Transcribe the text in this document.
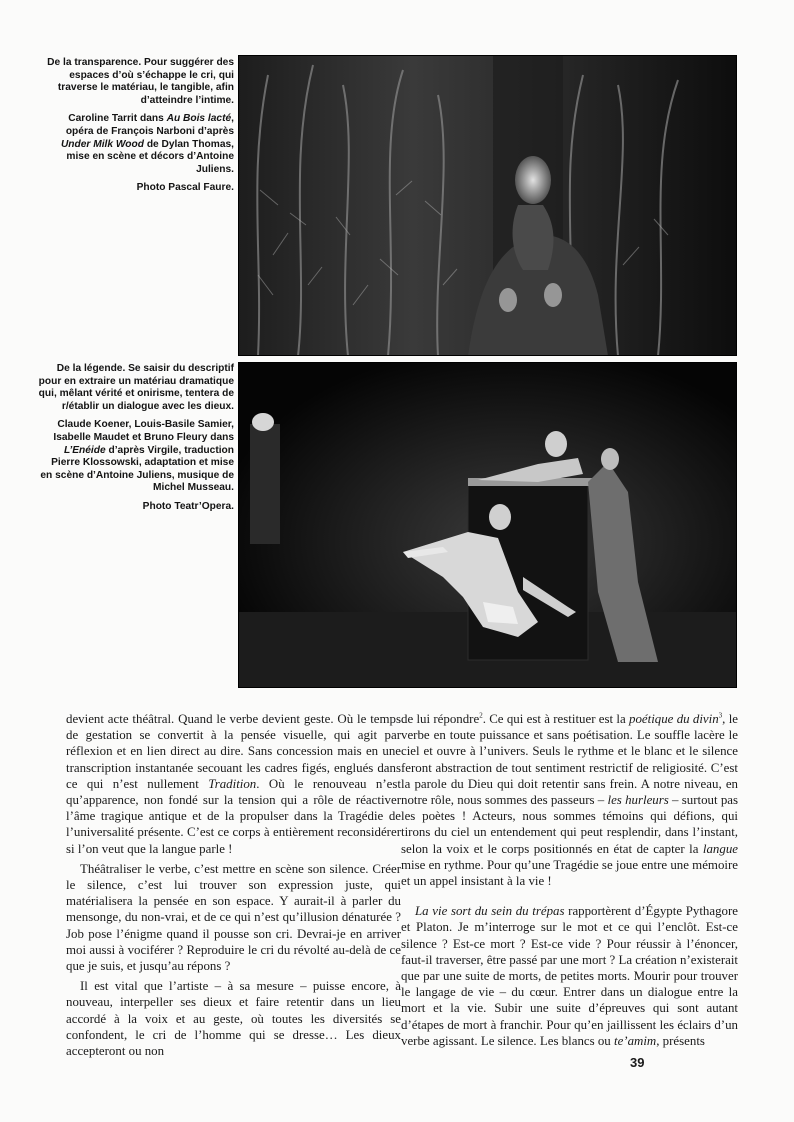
De la transparence. Pour suggérer des espaces d’où s’échappe le cri, qui traverse le matériau, le tangible, afin d’atteindre l’intime.

Caroline Tarrit dans Au Bois lacté, opéra de François Narboni d’après Under Milk Wood de Dylan Thomas, mise en scène et décors d’Antoine Juliens.

Photo Pascal Faure.

De la légende. Se saisir du descriptif pour en extraire un matériau dramatique qui, mêlant vérité et onirisme, tentera de r/établir un dialogue avec les dieux.

Claude Koener, Louis-Basile Samier, Isabelle Maudet et Bruno Fleury dans L’Enéide d’après Virgile, traduction Pierre Klossowski, adaptation et mise en scène d’Antoine Juliens, musique de Michel Musseau.

Photo Teatr’Opera.

devient acte théâtral. Quand le verbe devient geste. Où le temps de gestation se convertit à la pensée visuelle, qui agit par réflexion et en lien direct au dire. Sans concession mais en une transcription instantanée secouant les cadres figés, englués dans ce qui n’est nullement Tradition. Où le renouveau n’est qu’apparence, non fondé sur la tension qui a rôle de réactiver l’âme tragique antique et de la propulser dans la Tragédie de l’universalité présente. C’est ce corps à entièrement reconsidérer si l’on veut que la langue parle !

Théâtraliser le verbe, c’est mettre en scène son silence. Créer le silence, c’est lui trouver son expression juste, qui matérialisera la pensée en son espace. Y aurait-il à parler du mensonge, du non-vrai, et de ce qui n’est qu’illusion dénaturée ? Job pose l’énigme quand il pousse son cri. Devrai-je en arriver moi aussi à vociférer ? Reproduire le cri du révolté au-delà de ce que je suis, et jusqu’au répons ?

Il est vital que l’artiste – à sa mesure – puisse encore, à nouveau, interpeller ses dieux et faire retentir dans un lieu accordé à la voix et au geste, où toutes les diversités se confondent, le cri de l’homme qui se dresse… Les dieux accepteront ou non

de lui répondre$^2$. Ce qui est à restituer est la poétique du divin$^3$, le verbe en toute puissance et sans poétisation. Le souffle lacère le ciel et ouvre à l’univers. Seuls le rythme et le blanc et le silence feront abstraction de tout sentiment restrictif de religiosité. C’est la parole du Dieu qui doit retentir sans frein. A notre niveau, en notre rôle, nous sommes des passeurs – les hurleurs – surtout pas les poètes ! Acteurs, nous sommes témoins qui défions, qui tirons du ciel un entendement qui peut resplendir, dans l’instant, selon la voix et le corps positionnés en état de capter la langue mise en rythme. Pour qu’une Tragédie se joue entre une mémoire et un appel insistant à la vie !

La vie sort du sein du trépas rapportèrent d’Égypte Pythagore et Platon. Je m’interroge sur le mot et ce qui l’enclôt. Est-ce silence ? Est-ce mort ? Est-ce vide ? Pour réussir à l’énoncer, faut-il traverser, être passé par une mort ? La création n’existerait que par une suite de morts, de petites morts. Mourir pour trouver le langage de vie – du cœur. Entrer dans un dialogue entre la mort et la vie. Subir une suite d’épreuves qui sont autant d’étapes de mort à franchir. Pour qu’en jaillissent les éclairs d’un verbe agissant. Le silence. Les blancs ou te’amim, présents

39
